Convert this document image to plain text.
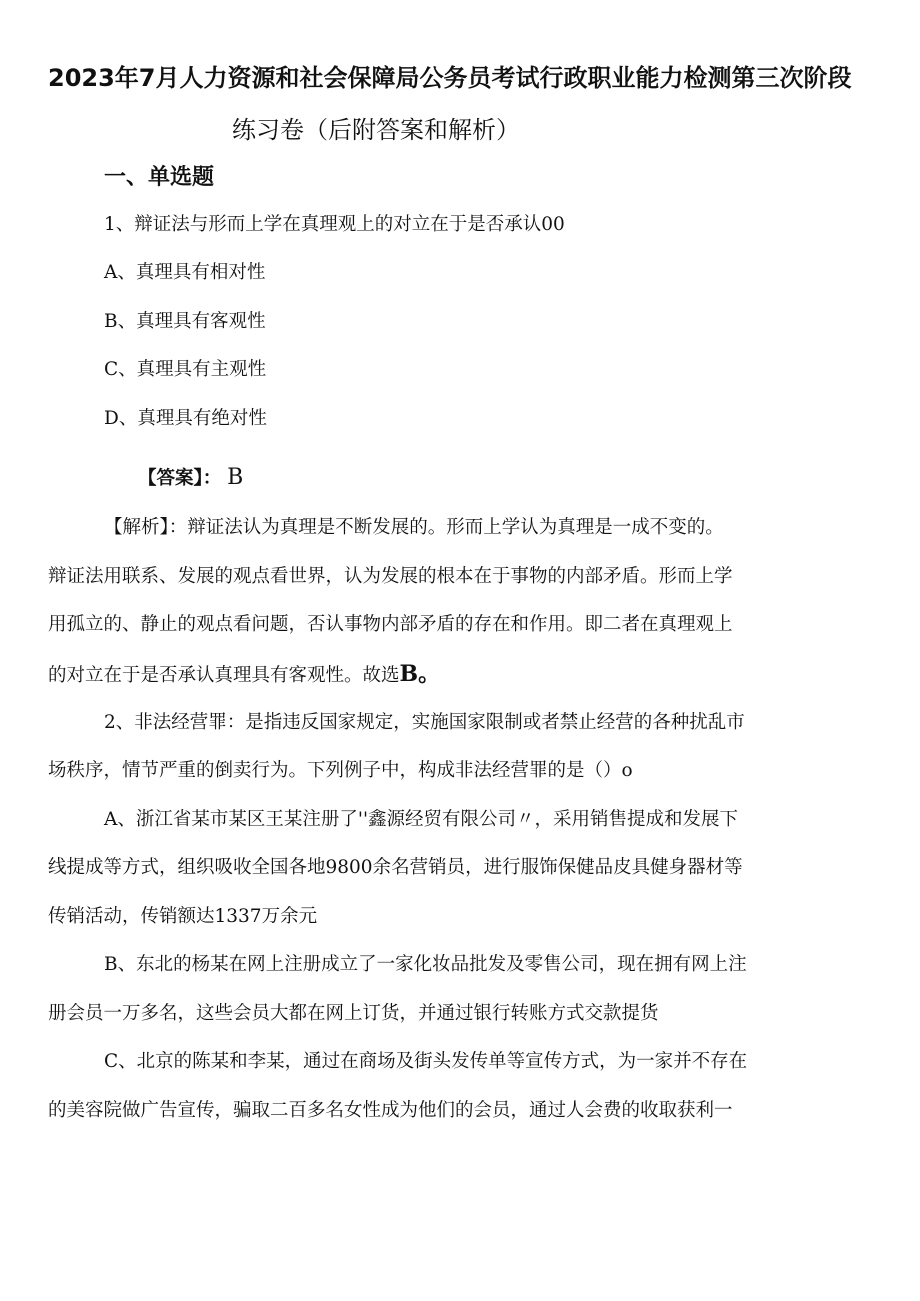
2023年7月人力资源和社会保障局公务员考试行政职业能力检测第三次阶段
练习卷（后附答案和解析）
一、单选题
1、辩证法与形而上学在真理观上的对立在于是否承认00
A、真理具有相对性
B、真理具有客观性
C、真理具有主观性
D、真理具有绝对性
【答案】： B
【解析】：辩证法认为真理是不断发展的。形而上学认为真理是一成不变的。
辩证法用联系、发展的观点看世界，认为发展的根本在于事物的内部矛盾。形而上学
用孤立的、静止的观点看问题，否认事物内部矛盾的存在和作用。即二者在真理观上
的对立在于是否承认真理具有客观性。故选B。
2、非法经营罪：是指违反国家规定，实施国家限制或者禁止经营的各种扰乱市
场秩序，情节严重的倒卖行为。下列例子中，构成非法经营罪的是（）o
A、浙江省某市某区王某注册了''鑫源经贸有限公司〃，采用销售提成和发展下
线提成等方式，组织吸收全国各地9800余名营销员，进行服饰保健品皮具健身器材等
传销活动，传销额达1337万余元
B、东北的杨某在网上注册成立了一家化妆品批发及零售公司，现在拥有网上注
册会员一万多名，这些会员大都在网上订货，并通过银行转账方式交款提货
C、北京的陈某和李某，通过在商场及街头发传单等宣传方式，为一家并不存在
的美容院做广告宣传，骗取二百多名女性成为他们的会员，通过人会费的收取获利一
